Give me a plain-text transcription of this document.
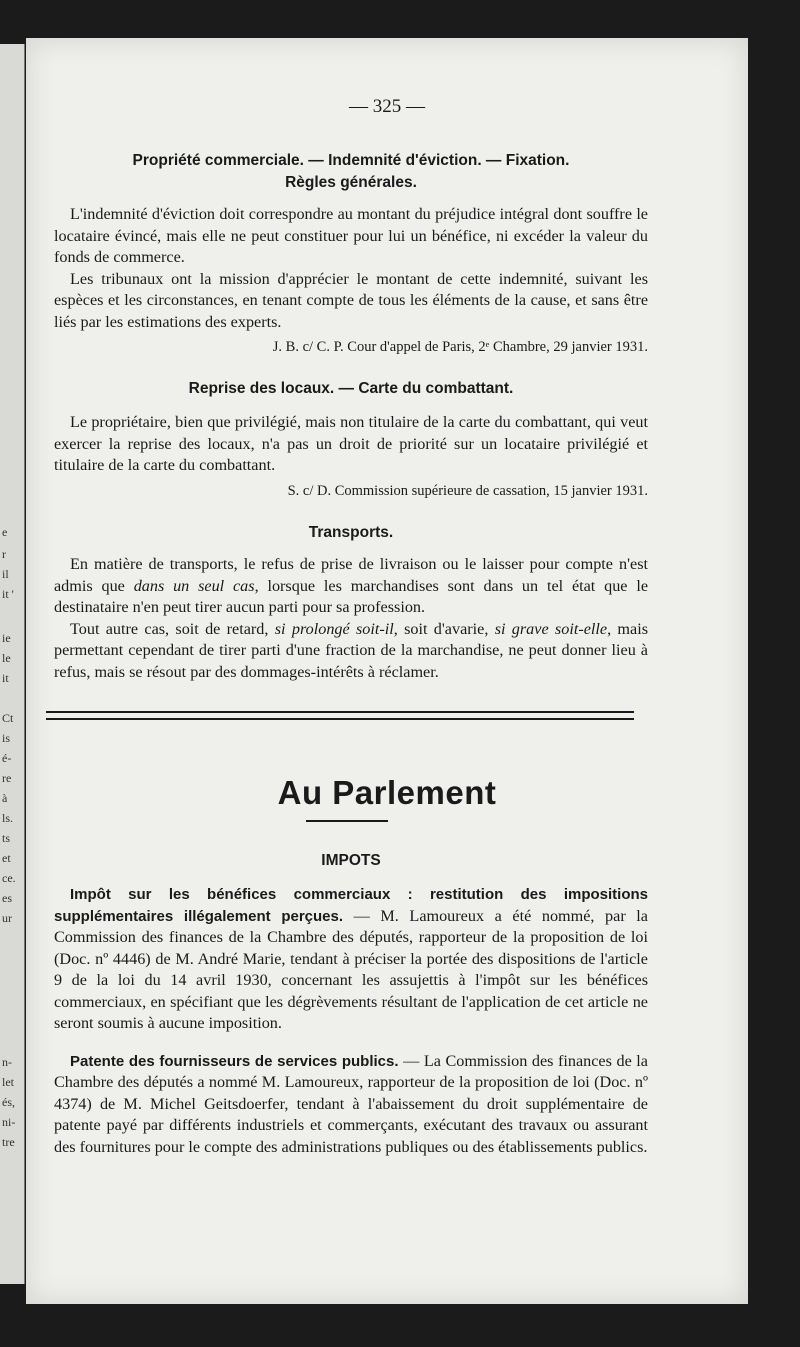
e
r
il
it '
ie
le
it
Ct
is
é-
re
à
ls.
ts
et
ce.
es
ur
n-
let
és,
ni-
tre
— 325 —

Propriété commerciale. — Indemnité d'éviction. — Fixation.

Règles générales.

L'indemnité d'éviction doit correspondre au montant du préjudice intégral dont souffre le locataire évincé, mais elle ne peut constituer pour lui un bénéfice, ni excéder la valeur du fonds de commerce.

Les tribunaux ont la mission d'apprécier le montant de cette indemnité, suivant les espèces et les circonstances, en tenant compte de tous les éléments de la cause, et sans être liés par les estimations des experts.

J. B. c/ C. P. Cour d'appel de Paris, 2ᵉ Chambre, 29 janvier 1931.

Reprise des locaux. — Carte du combattant.

Le propriétaire, bien que privilégié, mais non titulaire de la carte du combattant, qui veut exercer la reprise des locaux, n'a pas un droit de priorité sur un locataire privilégié et titulaire de la carte du combattant.

S. c/ D. Commission supérieure de cassation, 15 janvier 1931.

Transports.

En matière de transports, le refus de prise de livraison ou le laisser pour compte n'est admis que dans un seul cas, lorsque les marchandises sont dans un tel état que le destinataire n'en peut tirer aucun parti pour sa profession.

Tout autre cas, soit de retard, si prolongé soit-il, soit d'avarie, si grave soit-elle, mais permettant cependant de tirer parti d'une fraction de la marchandise, ne peut donner lieu à refus, mais se résout par des dommages-intérêts à réclamer.

Au Parlement

IMPOTS

Impôt sur les bénéfices commerciaux : restitution des impositions supplémentaires illégalement perçues. — M. Lamoureux a été nommé, par la Commission des finances de la Chambre des députés, rapporteur de la proposition de loi (Doc. nº 4446) de M. André Marie, tendant à préciser la portée des dispositions de l'article 9 de la loi du 14 avril 1930, concernant les assujettis à l'impôt sur les bénéfices commerciaux, en spécifiant que les dégrèvements résultant de l'application de cet article ne seront soumis à aucune imposition.

Patente des fournisseurs de services publics. — La Commission des finances de la Chambre des députés a nommé M. Lamoureux, rapporteur de la proposition de loi (Doc. nº 4374) de M. Michel Geitsdoerfer, tendant à l'abaissement du droit supplémentaire de patente payé par différents industriels et commerçants, exécutant des travaux ou assurant des fournitures pour le compte des administrations publiques ou des établissements publics.
